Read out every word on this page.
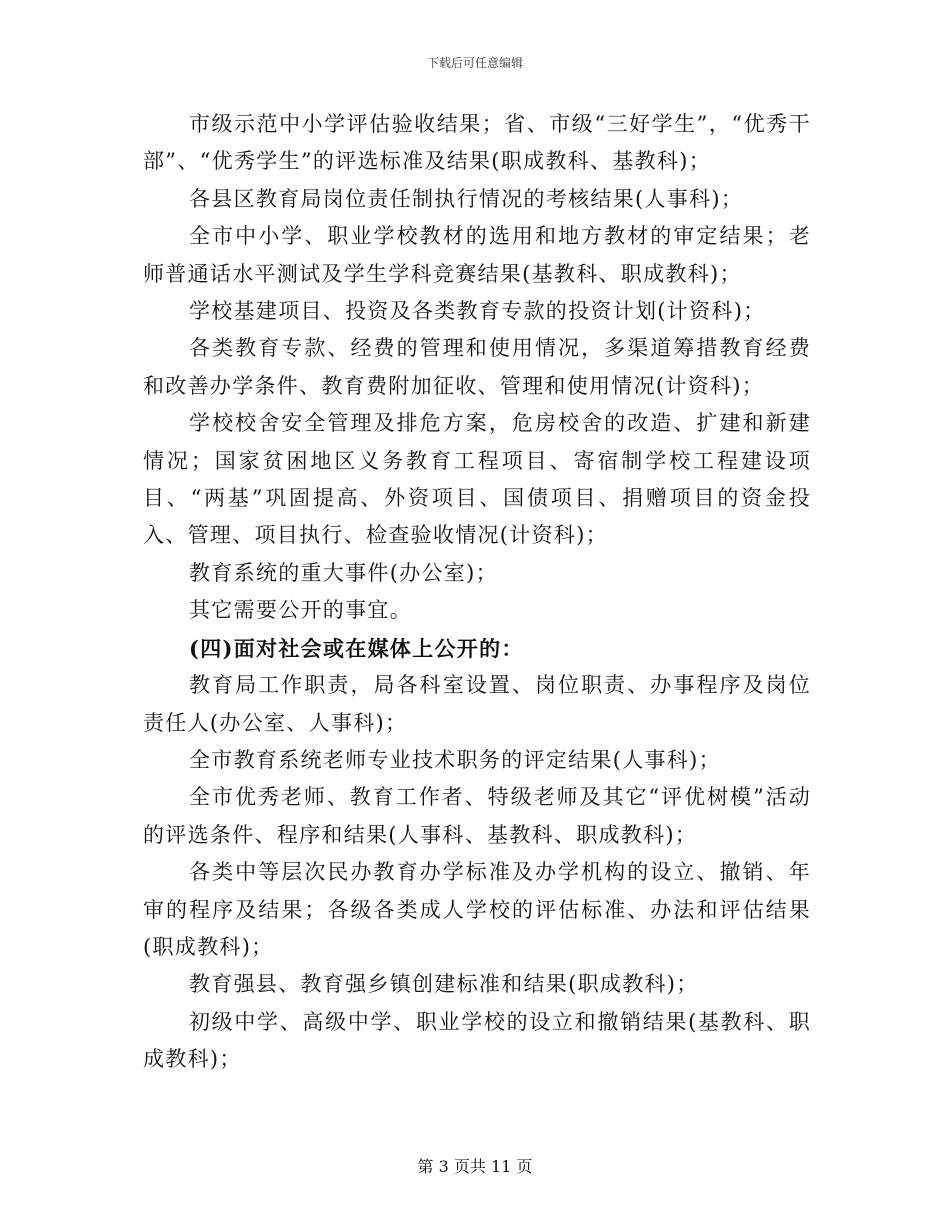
下载后可任意编辑

市级示范中小学评估验收结果；省、市级“三好学生”，“优秀干部”、“优秀学生”的评选标准及结果(职成教科、基教科)；

各县区教育局岗位责任制执行情况的考核结果(人事科)；

全市中小学、职业学校教材的选用和地方教材的审定结果；老师普通话水平测试及学生学科竞赛结果(基教科、职成教科)；

学校基建项目、投资及各类教育专款的投资计划(计资科)；

各类教育专款、经费的管理和使用情况，多渠道筹措教育经费和改善办学条件、教育费附加征收、管理和使用情况(计资科)；

学校校舍安全管理及排危方案，危房校舍的改造、扩建和新建情况；国家贫困地区义务教育工程项目、寄宿制学校工程建设项目、“两基”巩固提高、外资项目、国债项目、捐赠项目的资金投入、管理、项目执行、检查验收情况(计资科)；

教育系统的重大事件(办公室)；

其它需要公开的事宜。

(四)面对社会或在媒体上公开的：

教育局工作职责，局各科室设置、岗位职责、办事程序及岗位责任人(办公室、人事科)；

全市教育系统老师专业技术职务的评定结果(人事科)；

全市优秀老师、教育工作者、特级老师及其它“评优树模”活动的评选条件、程序和结果(人事科、基教科、职成教科)；

各类中等层次民办教育办学标准及办学机构的设立、撤销、年审的程序及结果；各级各类成人学校的评估标准、办法和评估结果(职成教科)；

教育强县、教育强乡镇创建标准和结果(职成教科)；

初级中学、高级中学、职业学校的设立和撤销结果(基教科、职成教科)；

第 3 页共 11 页
